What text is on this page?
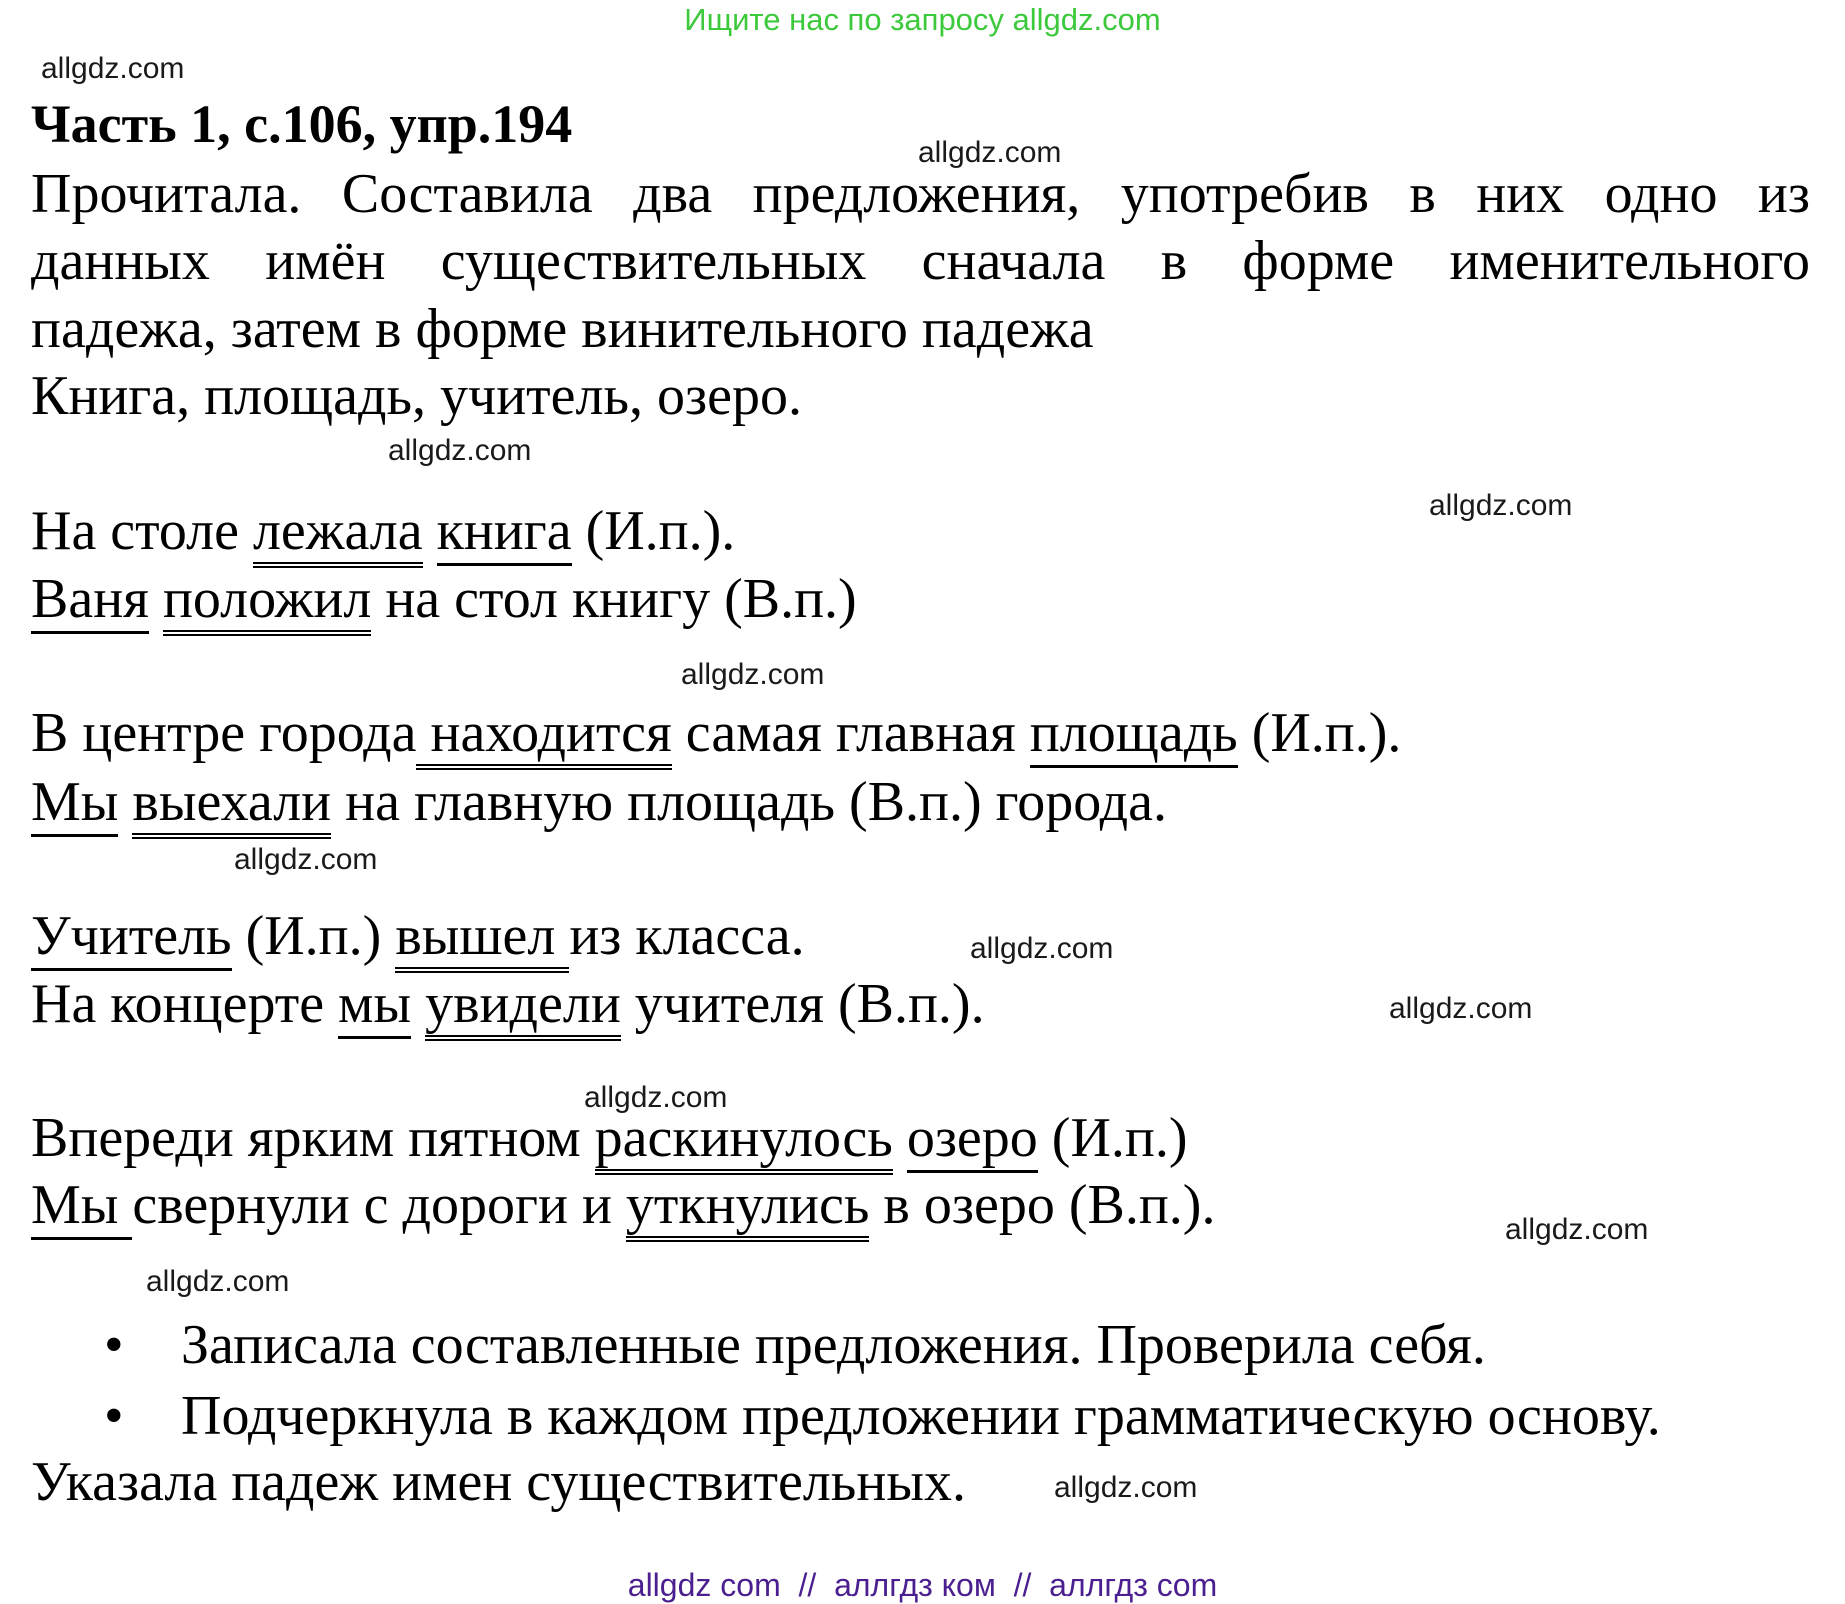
Ищите нас по запросу allgdz.com
Часть 1, с.106, упр.194
Прочитала. Составила два предложения, употребив в них одно из
данных имён существительных сначала в форме именительного
падежа, затем в форме винительного падежа
Книга, площадь, учитель, озеро.
На столе лежала книга (И.п.).
Ваня положил на стол книгу (В.п.)
В центре города находится самая главная площадь (И.п.).
Мы выехали на главную площадь (В.п.) города.
Учитель (И.п.) вышел из класса.
На концерте мы увидели учителя (В.п.).
Впереди ярким пятном раскинулось озеро (И.п.)
Мы свернули с дороги и уткнулись в озеро (В.п.).
• Записала составленные предложения. Проверила себя.
• Подчеркнула в каждом предложении грамматическую основу.
Указала падеж имен существительных.
allgdz.com
allgdz.com
allgdz.com
allgdz.com
allgdz.com
allgdz.com
allgdz.com
allgdz.com
allgdz.com
allgdz.com
allgdz.com
allgdz.com
allgdz com  //  аллгдз ком  //  аллгдз com
